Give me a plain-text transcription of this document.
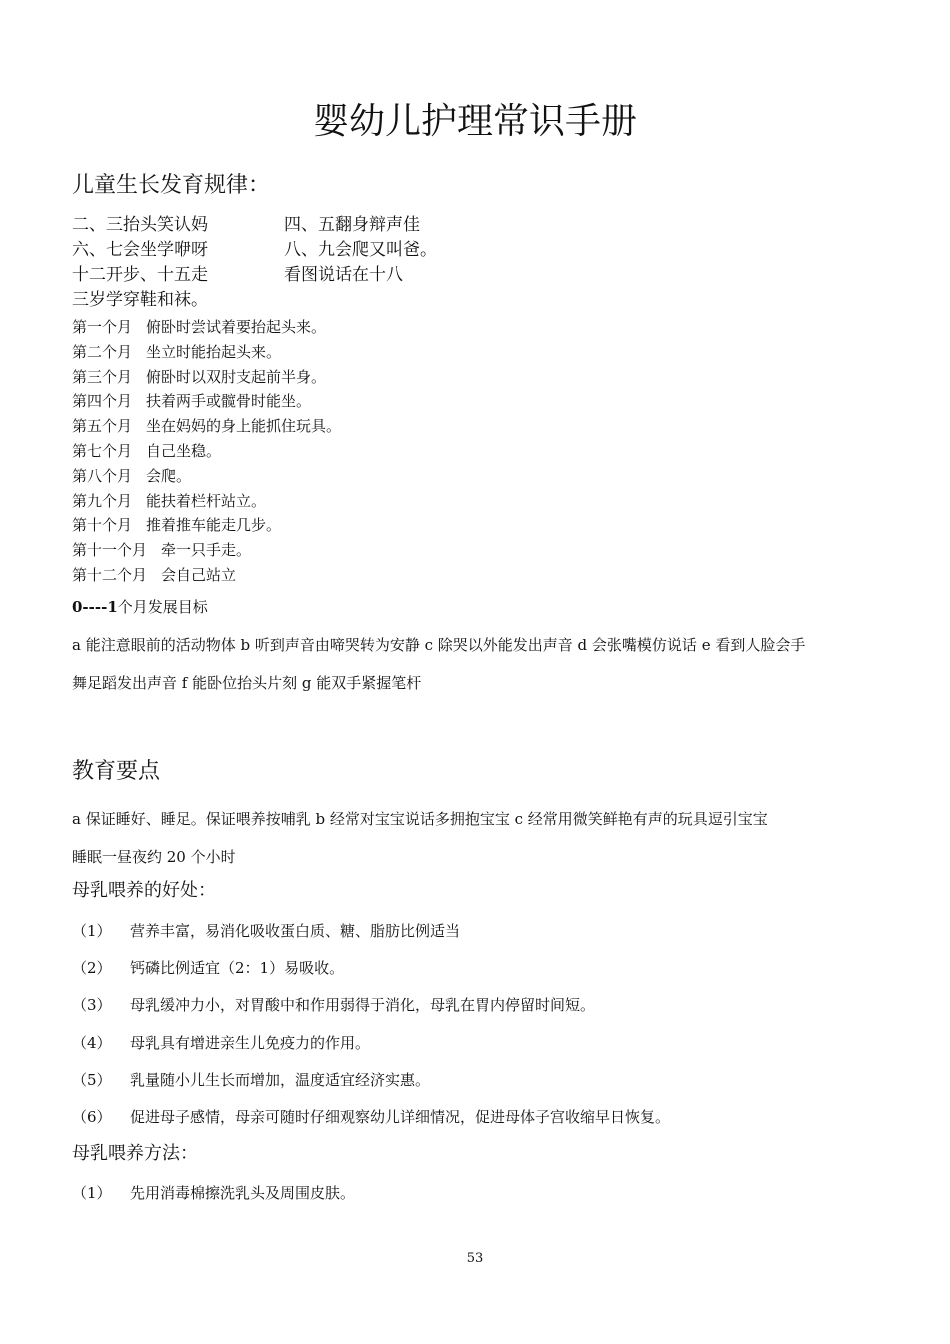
婴幼儿护理常识手册
儿童生长发育规律：
二、三抬头笑认妈	四、五翻身辩声佳
六、七会坐学咿呀	八、九会爬又叫爸。
十二开步、十五走	看图说话在十八
三岁学穿鞋和袜。
第一个月 俯卧时尝试着要抬起头来。
第二个月 坐立时能抬起头来。
第三个月 俯卧时以双肘支起前半身。
第四个月 扶着两手或髋骨时能坐。
第五个月 坐在妈妈的身上能抓住玩具。
第七个月 自己坐稳。
第八个月 会爬。
第九个月 能扶着栏杆站立。
第十个月 推着推车能走几步。
第十一个月 牵一只手走。
第十二个月 会自己站立
0----1个月发展目标
a 能注意眼前的活动物体 b 听到声音由啼哭转为安静 c 除哭以外能发出声音 d 会张嘴模仿说话 e 看到人脸会手
舞足蹈发出声音 f 能卧位抬头片刻 g 能双手紧握笔杆
教育要点
a 保证睡好、睡足。保证喂养按哺乳 b 经常对宝宝说话多拥抱宝宝 c 经常用微笑鲜艳有声的玩具逗引宝宝
睡眠一昼夜约 20 个小时
母乳喂养的好处：
（1） 营养丰富，易消化吸收蛋白质、糖、脂肪比例适当
（2） 钙磷比例适宜（2：1）易吸收。
（3） 母乳缓冲力小，对胃酸中和作用弱得于消化，母乳在胃内停留时间短。
（4） 母乳具有增进亲生儿免疫力的作用。
（5） 乳量随小儿生长而增加，温度适宜经济实惠。
（6） 促进母子感情，母亲可随时仔细观察幼儿详细情况，促进母体子宫收缩早日恢复。
母乳喂养方法：
（1） 先用消毒棉擦洗乳头及周围皮肤。
53
